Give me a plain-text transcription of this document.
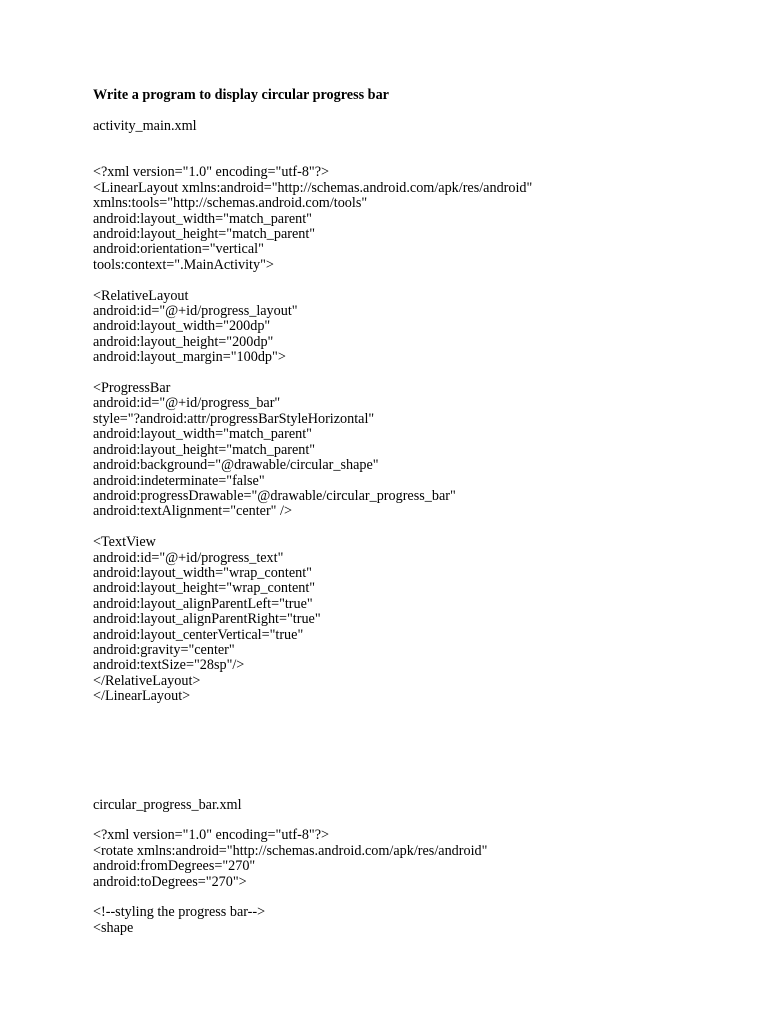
Write a program to display circular progress bar

activity_main.xml

<?xml version="1.0" encoding="utf-8"?>

<LinearLayout xmlns:android="http://schemas.android.com/apk/res/android"

xmlns:tools="http://schemas.android.com/tools"

android:layout_width="match_parent"

android:layout_height="match_parent"

android:orientation="vertical"

tools:context=".MainActivity">

<RelativeLayout

android:id="@+id/progress_layout"

android:layout_width="200dp"

android:layout_height="200dp"

android:layout_margin="100dp">

<ProgressBar

android:id="@+id/progress_bar"

style="?android:attr/progressBarStyleHorizontal"

android:layout_width="match_parent"

android:layout_height="match_parent"

android:background="@drawable/circular_shape"

android:indeterminate="false"

android:progressDrawable="@drawable/circular_progress_bar"

android:textAlignment="center" />

<TextView

android:id="@+id/progress_text"

android:layout_width="wrap_content"

android:layout_height="wrap_content"

android:layout_alignParentLeft="true"

android:layout_alignParentRight="true"

android:layout_centerVertical="true"

android:gravity="center"

android:textSize="28sp"/>

</RelativeLayout>

</LinearLayout>

circular_progress_bar.xml

<?xml version="1.0" encoding="utf-8"?>

<rotate xmlns:android="http://schemas.android.com/apk/res/android"

android:fromDegrees="270"

android:toDegrees="270">

<!--styling the progress bar-->

<shape
